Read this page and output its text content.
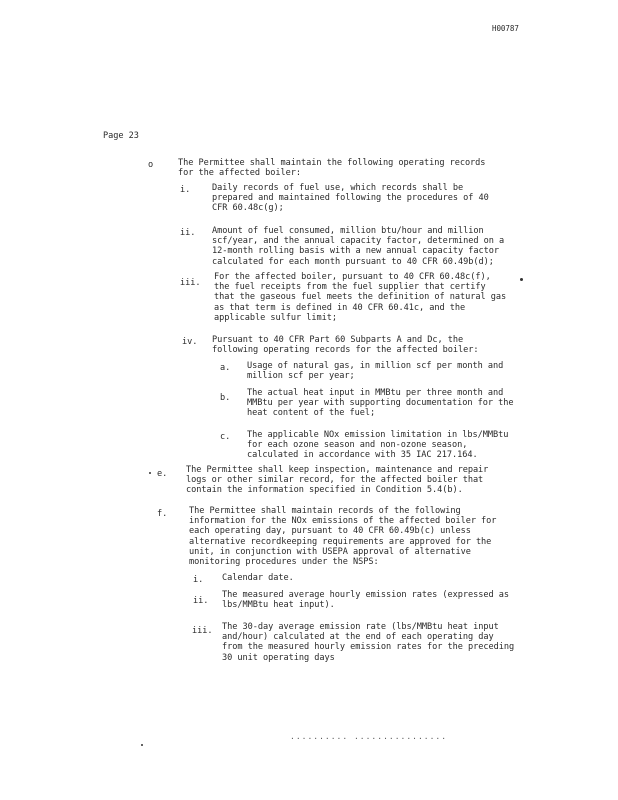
H00787
Page 23
o	The Permittee shall maintain the following operating records
for the affected boiler:
i.	Daily records of fuel use, which records shall be
prepared and maintained following the procedures of 40
CFR 60.48c(g);
ii. Amount of fuel consumed, million btu/hour and million
scf/year, and the annual capacity factor, determined on a
12-month rolling basis with a new annual capacity factor
calculated for each month pursuant to 40 CFR 60.49b(d);
iii.
For the affected boiler, pursuant to 40 CFR 60.48c(f),
the fuel receipts from the fuel supplier that certify
that the gaseous fuel meets the definition of natural gas
as that term is defined in 40 CFR 60.41c, and the
applicable sulfur limit;
iv. Pursuant to 40 CFR Part 60 Subparts A and Dc, the
following operating records for the affected boiler:
a. Usage of natural gas, in million scf per month and
million scf per year;
b. The actual heat input in MMBtu per three month and
MMBtu per year with supporting documentation for the
heat content of the fuel;
c. The applicable NOx emission limitation in lbs/MMBtu
for each ozone season and non-ozone season,
calculated in accordance with 35 IAC 217.164.
e. The Permittee shall keep inspection, maintenance and repair
logs or other similar record, for the affected boiler that
contain the information specified in Condition 5.4(b).
f.	The Permittee shall maintain records of the following
information for the NOx emissions of the affected boiler for
each operating day, pursuant to 40 CFR 60.49b(c) unless
alternative recordkeeping requirements are approved for the
unit, in conjunction with USEPA approval of alternative
monitoring procedures under the NSPS:
i. Calendar date.
ii.
The measured average hourly emission rates (expressed as
lbs/MMBtu heat input).
iii. The 30-day average emission rate (lbs/MMBtu heat input
and/hour) calculated at the end of each operating day
from the measured hourly emission rates for the preceding
30 unit operating days
.......... ................
